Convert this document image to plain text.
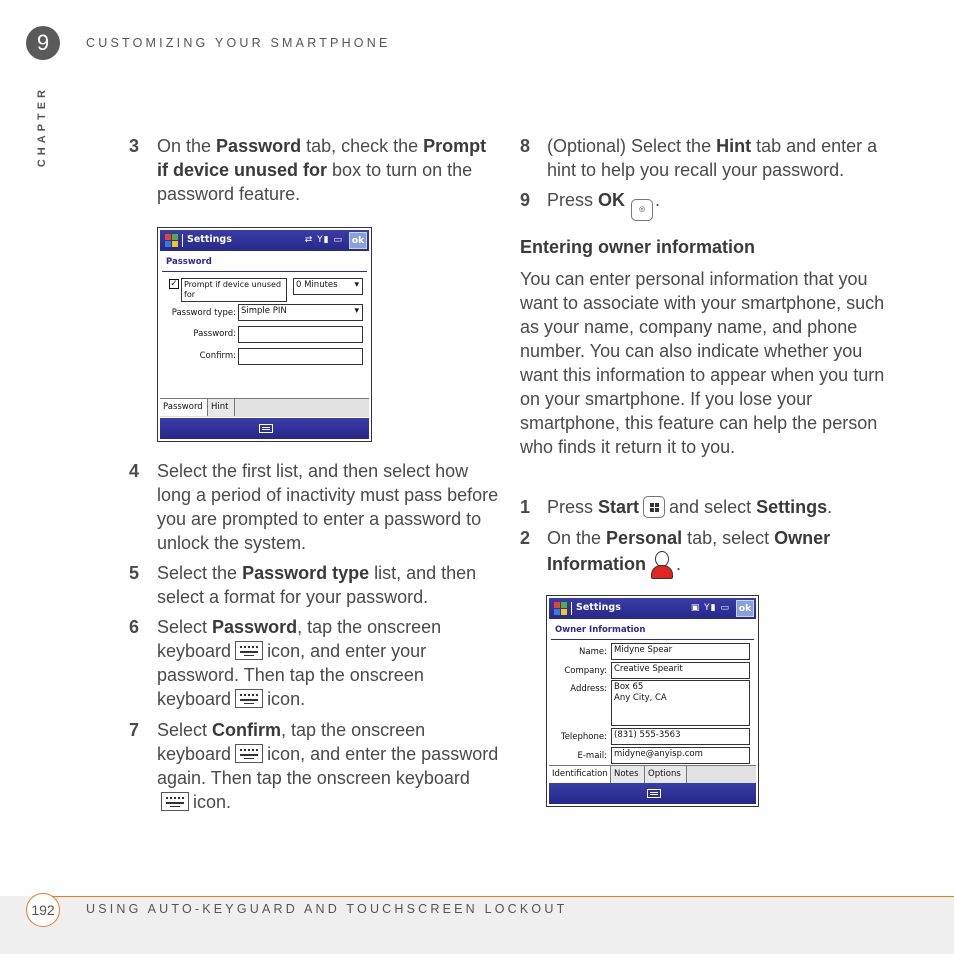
9	CUSTOMIZING YOUR SMARTPHONE
CHAPTER	3 On the Password tab, check the Prompt if device unused for box to turn on the password feature.
Settings	⇄ Y▮ ▭ ok
Password
✓ Prompt if device unused for
0 Minutes ▾
Password type: Simple PIN ▾
Password:
Confirm:
Password Hint
4 Select the first list, and then select how long a period of inactivity must pass before you are prompted to enter a password to unlock the system.
5 Select the Password type list, and then select a format for your password.
6 Select Password, tap the onscreen keyboard icon, and enter your password. Then tap the onscreen keyboard icon.
7 Select Confirm, tap the onscreen keyboard icon, and enter the password again. Then tap the onscreen keyboardicon.
8 (Optional) Select the Hint tab and enter a hint to help you recall your password.
9 Press OK ◎ .
Entering owner information
You can enter personal information that you want to associate with your smartphone, such as your name, company name, and phone number. You can also indicate whether you want this information to appear when you turn on your smartphone. If you lose your smartphone, this feature can help the person who finds it return it to you.
1 Press Start and select Settings.
2 On the Personal tab, select Owner Information .
Settings	▣ Y▮ ▭ ok
Owner Information
Name: Midyne Spear
Company: Creative Spearit
Address: Box 65
Any City, CA
Telephone: (831) 555-3563
E-mail: midyne@anyisp.com
Identification Notes	Options
192	USING AUTO-KEYGUARD AND TOUCHSCREEN LOCKOUT
